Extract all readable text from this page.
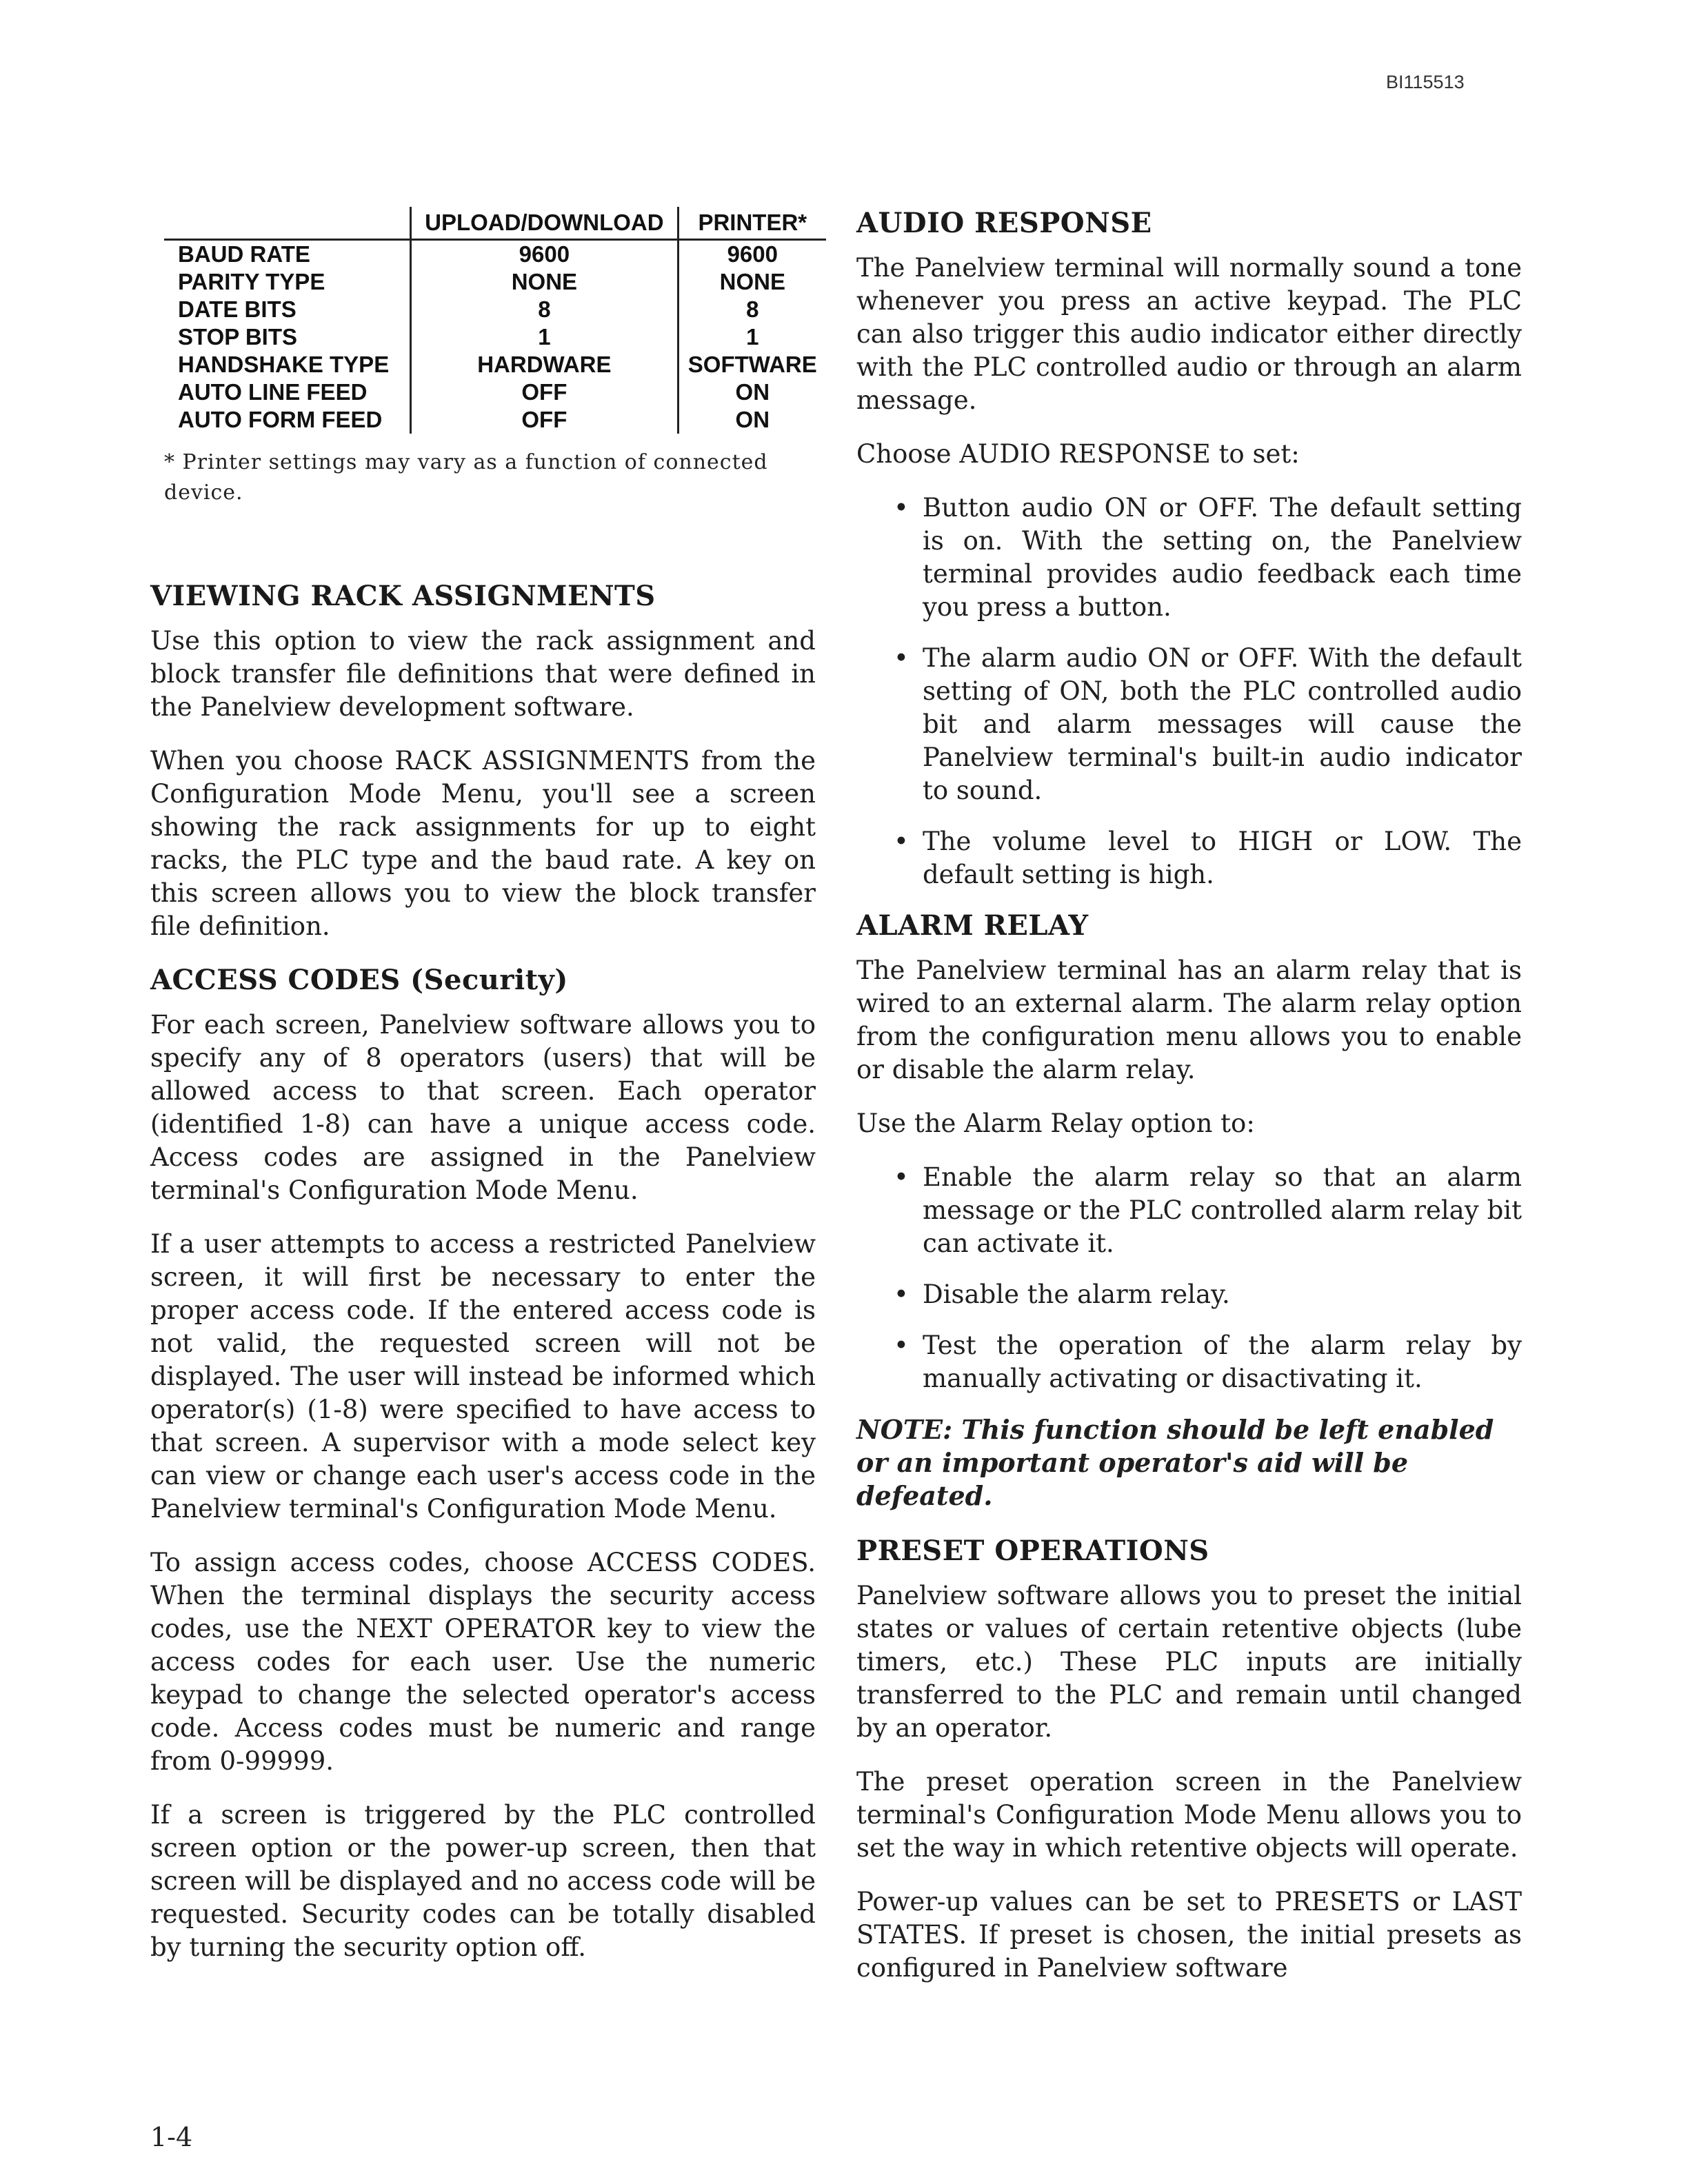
BI115513
	UPLOAD/DOWNLOAD	PRINTER*
BAUD RATE	9600	9600
PARITY TYPE	NONE	NONE
DATE BITS	8	8
STOP BITS	1	1
HANDSHAKE TYPE	HARDWARE	SOFTWARE
AUTO LINE FEED	OFF	ON
AUTO FORM FEED	OFF	ON
* Printer settings may vary as a function of connected device.
VIEWING RACK ASSIGNMENTS

Use this option to view the rack assignment and block transfer file definitions that were defined in the Panelview development software.

When you choose RACK ASSIGNMENTS from the Configuration Mode Menu, you'll see a screen showing the rack assignments for up to eight racks, the PLC type and the baud rate. A key on this screen allows you to view the block transfer file definition.

ACCESS CODES (Security)

For each screen, Panelview software allows you to specify any of 8 operators (users) that will be allowed access to that screen. Each operator (identified 1-8) can have a unique access code. Access codes are assigned in the Panelview terminal's Configuration Mode Menu.

If a user attempts to access a restricted Panelview screen, it will first be necessary to enter the proper access code. If the entered access code is not valid, the requested screen will not be displayed. The user will instead be informed which operator(s) (1-8) were specified to have access to that screen. A supervisor with a mode select key can view or change each user's access code in the Panelview terminal's Configuration Mode Menu.

To assign access codes, choose ACCESS CODES. When the terminal displays the security access codes, use the NEXT OPERATOR key to view the access codes for each user. Use the numeric keypad to change the selected operator's access code. Access codes must be numeric and range from 0-99999.

If a screen is triggered by the PLC controlled screen option or the power-up screen, then that screen will be displayed and no access code will be requested. Security codes can be totally disabled by turning the security option off.

AUDIO RESPONSE

The Panelview terminal will normally sound a tone whenever you press an active keypad. The PLC can also trigger this audio indicator either directly with the PLC controlled audio or through an alarm message.

Choose AUDIO RESPONSE to set:

• Button audio ON or OFF. The default setting is on. With the setting on, the Panelview terminal provides audio feedback each time you press a button.
• The alarm audio ON or OFF. With the default setting of ON, both the PLC controlled audio bit and alarm messages will cause the Panelview terminal's built-in audio indicator to sound.
• The volume level to HIGH or LOW. The default setting is high.
ALARM RELAY

The Panelview terminal has an alarm relay that is wired to an external alarm. The alarm relay option from the configuration menu allows you to enable or disable the alarm relay.

Use the Alarm Relay option to:

• Enable the alarm relay so that an alarm message or the PLC controlled alarm relay bit can activate it.
• Disable the alarm relay.
• Test the operation of the alarm relay by manually activating or disactivating it.
NOTE: This function should be left enabled or an important operator's aid will be defeated.
PRESET OPERATIONS

Panelview software allows you to preset the initial states or values of certain retentive objects (lube timers, etc.) These PLC inputs are initially transferred to the PLC and remain until changed by an operator.

The preset operation screen in the Panelview terminal's Configuration Mode Menu allows you to set the way in which retentive objects will operate.

Power-up values can be set to PRESETS or LAST STATES. If preset is chosen, the initial presets as configured in Panelview software

1-4
